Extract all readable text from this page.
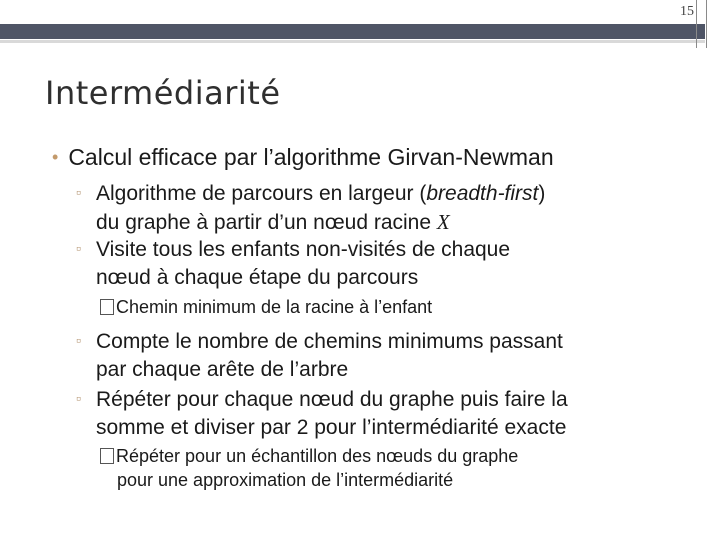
15
Intermédiarité
• Calcul efficace par l’algorithme Girvan-Newman
▫ Algorithme de parcours en largeur (breadth-first)
du graphe à partir d’un nœud racine X
▫ Visite tous les enfants non-visités de chaque
nœud à chaque étape du parcours
Chemin minimum de la racine à l’enfant
▫ Compte le nombre de chemins minimums passant
par chaque arête de l’arbre
▫ Répéter pour chaque nœud du graphe puis faire la
somme et diviser par 2 pour l’intermédiarité exacte
Répéter pour un échantillon des nœuds du graphe
pour une approximation de l’intermédiarité
